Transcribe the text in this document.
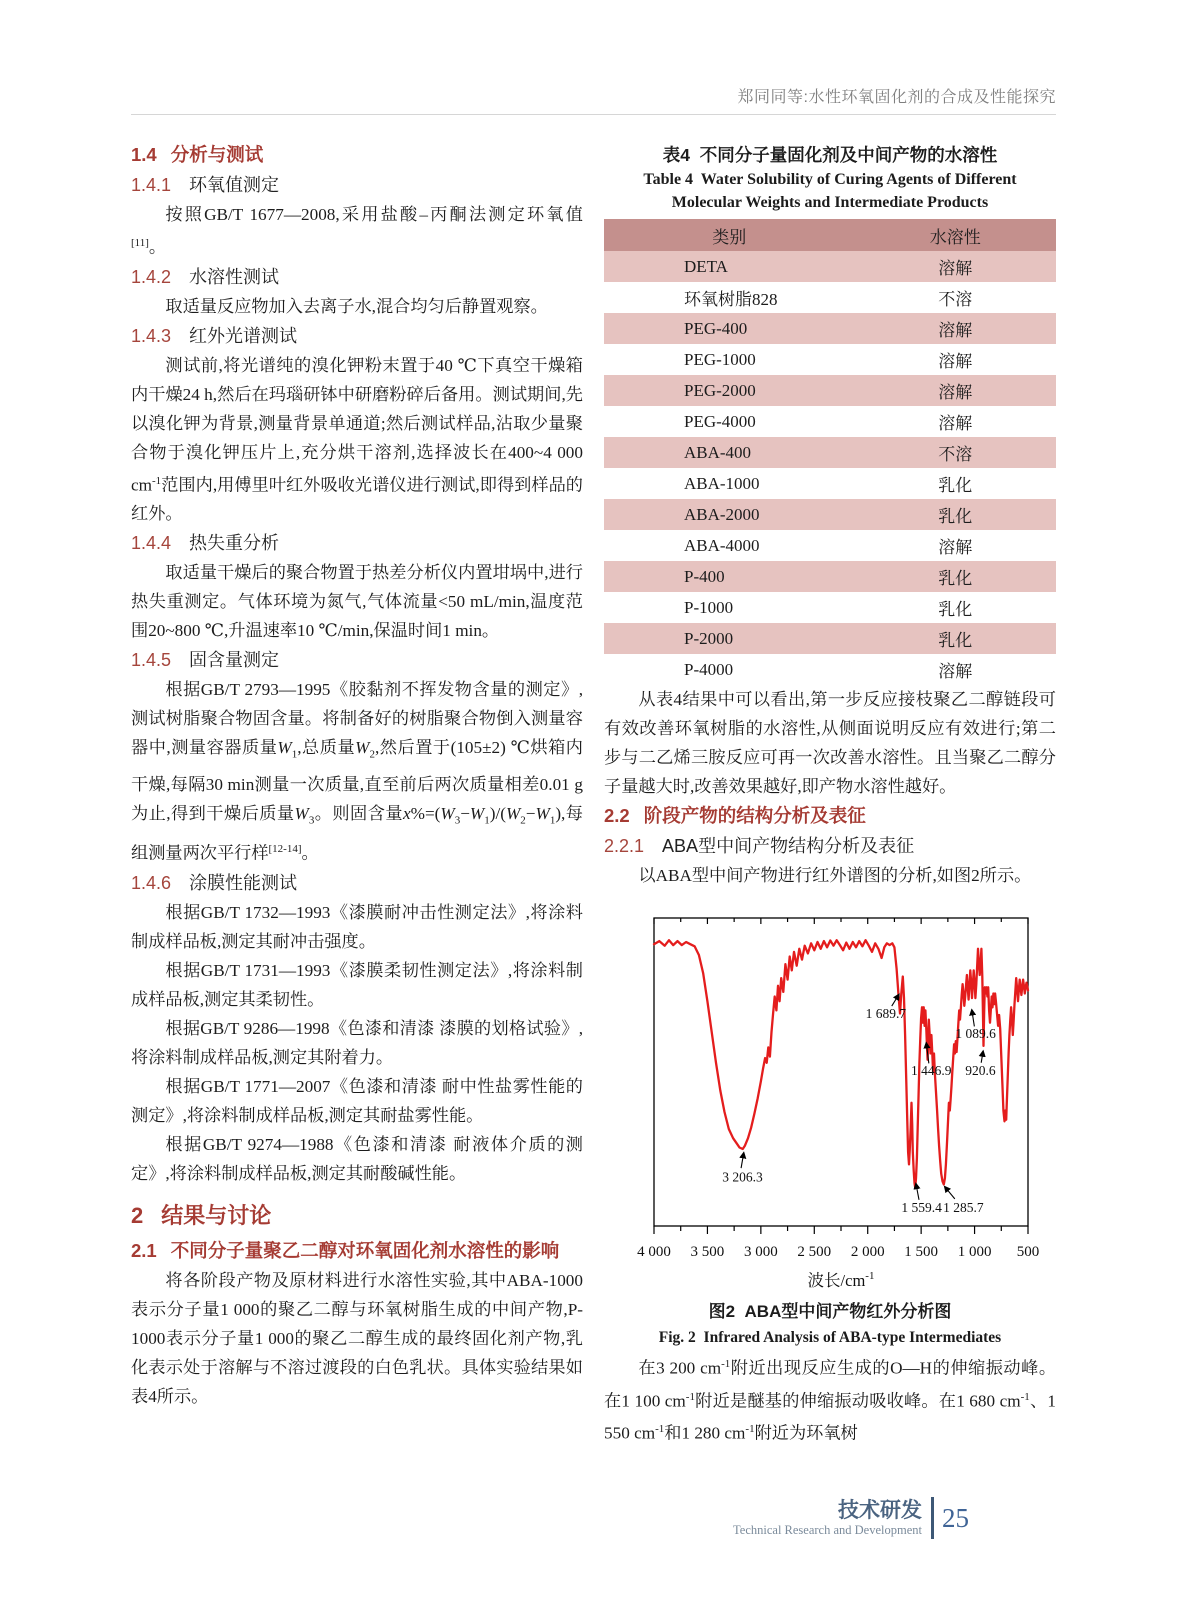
郑同同等:水性环氧固化剂的合成及性能探究
1.4 分析与测试
1.4.1 环氧值测定

按照GB/T 1677—2008,采用盐酸–丙酮法测定环氧值[11]。

1.4.2 水溶性测试

取适量反应物加入去离子水,混合均匀后静置观察。

1.4.3 红外光谱测试

测试前,将光谱纯的溴化钾粉末置于40 ℃下真空干燥箱内干燥24 h,然后在玛瑙研钵中研磨粉碎后备用。测试期间,先以溴化钾为背景,测量背景单通道;然后测试样品,沾取少量聚合物于溴化钾压片上,充分烘干溶剂,选择波长在400~4 000 $cm^{-1}$范围内,用傅里叶红外吸收光谱仪进行测试,即得到样品的红外。

1.4.4 热失重分析

取适量干燥后的聚合物置于热差分析仪内置坩埚中,进行热失重测定。气体环境为氮气,气体流量<50 mL/min,温度范围20~800 ℃,升温速率10 ℃/min,保温时间1 min。

1.4.5 固含量测定

根据GB/T 2793—1995《胶黏剂不挥发物含量的测定》,测试树脂聚合物固含量。将制备好的树脂聚合物倒入测量容器中,测量容器质量$W_1$,总质量$W_2$,然后置于(105±2) ℃烘箱内干燥,每隔30 min测量一次质量,直至前后两次质量相差0.01 g为止,得到干燥后质量$W_3$。则固含量$x\%=(W_3-W_1)/(W_2-W_1)$,每组测量两次平行样[12-14]。

1.4.6 涂膜性能测试

根据GB/T 1732—1993《漆膜耐冲击性测定法》,将涂料制成样品板,测定其耐冲击强度。

根据GB/T 1731—1993《漆膜柔韧性测定法》,将涂料制成样品板,测定其柔韧性。

根据GB/T 9286—1998《色漆和清漆 漆膜的划格试验》,将涂料制成样品板,测定其附着力。

根据GB/T 1771—2007《色漆和清漆 耐中性盐雾性能的测定》,将涂料制成样品板,测定其耐盐雾性能。

根据GB/T 9274—1988《色漆和清漆 耐液体介质的测定》,将涂料制成样品板,测定其耐酸碱性能。

2 结果与讨论
2.1 不同分子量聚乙二醇对环氧固化剂水溶性的影响

将各阶段产物及原材料进行水溶性实验,其中ABA-1000表示分子量1 000的聚乙二醇与环氧树脂生成的中间产物,P-1000表示分子量1 000的聚乙二醇生成的最终固化剂产物,乳化表示处于溶解与不溶过渡段的白色乳状。具体实验结果如表4所示。

表4  不同分子量固化剂及中间产物的水溶性
Table 4  Water Solubility of Curing Agents of Different
Molecular Weights and Intermediate Products
类别	水溶性
DETA	溶解
环氧树脂828	不溶
PEG-400	溶解
PEG-1000	溶解
PEG-2000	溶解
PEG-4000	溶解
ABA-400	不溶
ABA-1000	乳化
ABA-2000	乳化
ABA-4000	溶解
P-400	乳化
P-1000	乳化
P-2000	乳化
P-4000	溶解

从表4结果中可以看出,第一步反应接枝聚乙二醇链段可有效改善环氧树脂的水溶性,从侧面说明反应有效进行;第二步与二乙烯三胺反应可再一次改善水溶性。且当聚乙二醇分子量越大时,改善效果越好,即产物水溶性越好。

2.2 阶段产物的结构分析及表征
2.2.1 ABA型中间产物结构分析及表征

以ABA型中间产物进行红外谱图的分析,如图2所示。

4 000 3 500 3 000 2 500 2 000 1 500 1 000 500
波长$/cm^{-1}$
3 206.3
1 689.7
1 446.9
1 559.4 1 285.7
1 089.6
920.6
图2  ABA型中间产物红外分析图
Fig. 2  Infrared Analysis of ABA-type Intermediates

在3 200 $cm^{-1}$附近出现反应生成的O—H的伸缩振动峰。在1 100 $cm^{-1}$附近是醚基的伸缩振动吸收峰。在1 680 $cm^{-1}$、1 550 $cm^{-1}$和1 280 $cm^{-1}$附近为环氧树

技术研发
Technical Research and Development 25
